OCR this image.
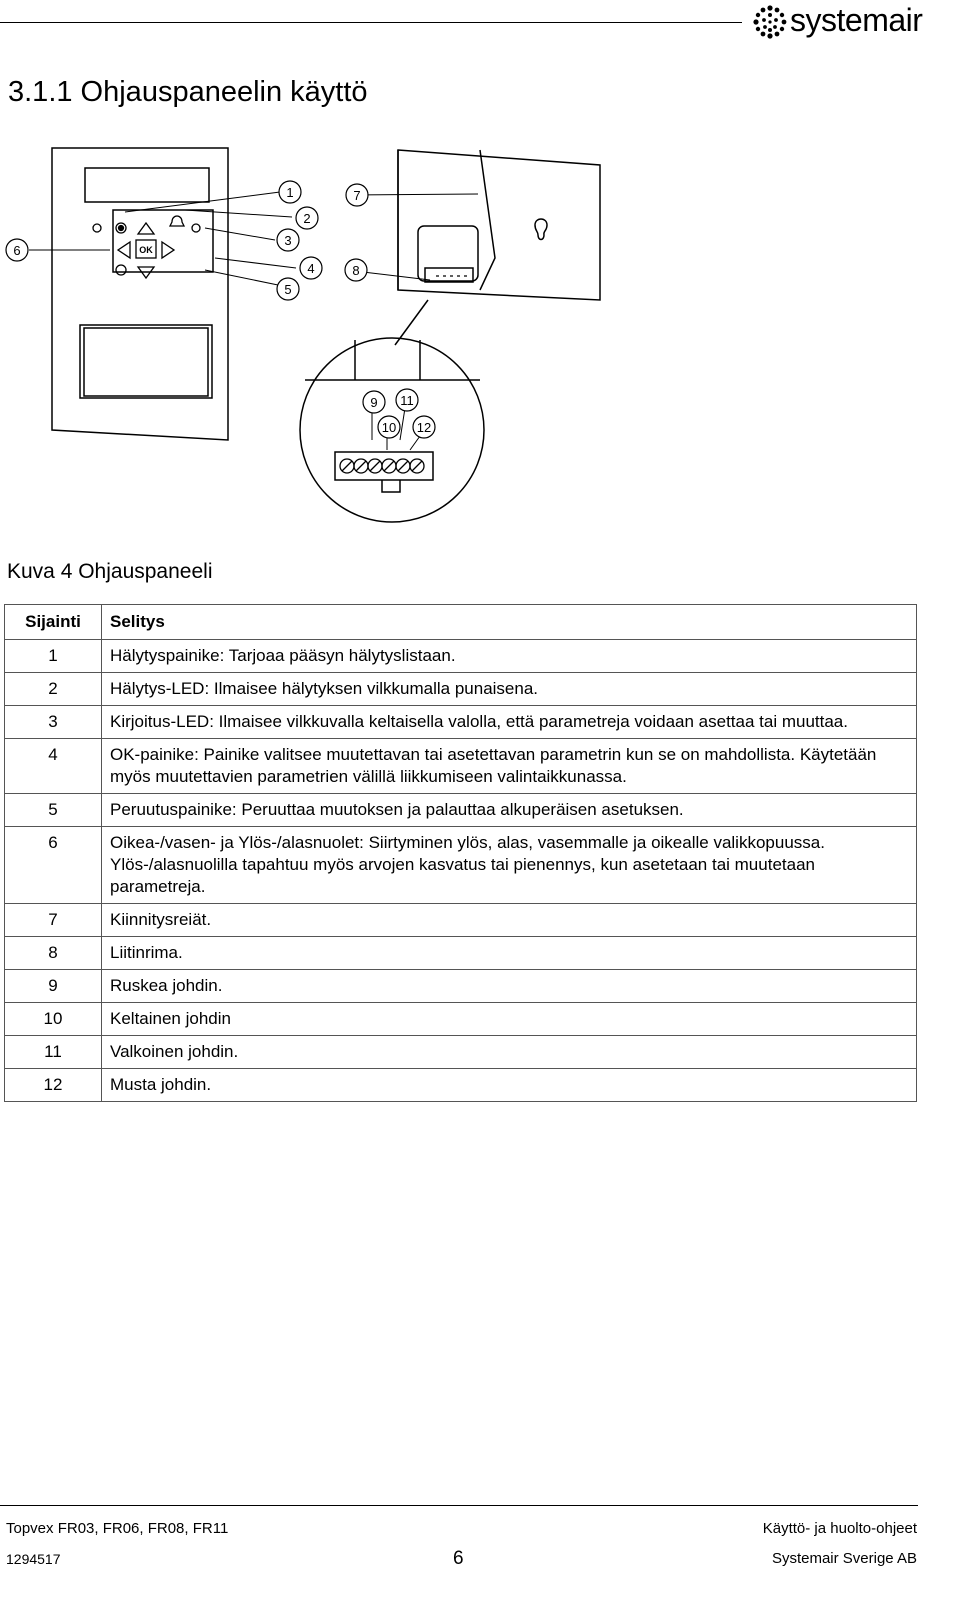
systemair
3.1.1 Ohjauspaneelin käyttö
OK
1
2
3
4
5
6
7
8
9 11
10 12
Kuva 4 Ohjauspaneeli
Sijainti	Selitys
1	Hälytyspainike: Tarjoaa pääsyn hälytyslistaan.
2	Hälytys-LED: Ilmaisee hälytyksen vilkkumalla punaisena.
3	Kirjoitus-LED: Ilmaisee vilkkuvalla keltaisella valolla, että parametreja voidaan asettaa tai muuttaa.
4	OK-painike: Painike valitsee muutettavan tai asetettavan parametrin kun se on mahdollista. Käytetään myös muutettavien parametrien välillä liikkumiseen valintaikkunassa.
5	Peruutuspainike: Peruuttaa muutoksen ja palauttaa alkuperäisen asetuksen.
6	Oikea-/vasen- ja Ylös-/alasnuolet: Siirtyminen ylös, alas, vasemmalle ja oikealle valikkopuussa. Ylös-/alasnuolilla tapahtuu myös arvojen kasvatus tai pienennys, kun asetetaan tai muutetaan parametreja.
7	Kiinnitysreiät.
8	Liitinrima.
9	Ruskea johdin.
10	Keltainen johdin
11	Valkoinen johdin.
12	Musta johdin.
Topvex FR03, FR06, FR08, FR11	Käyttö- ja huolto-ohjeet
1294517	6	Systemair Sverige AB
